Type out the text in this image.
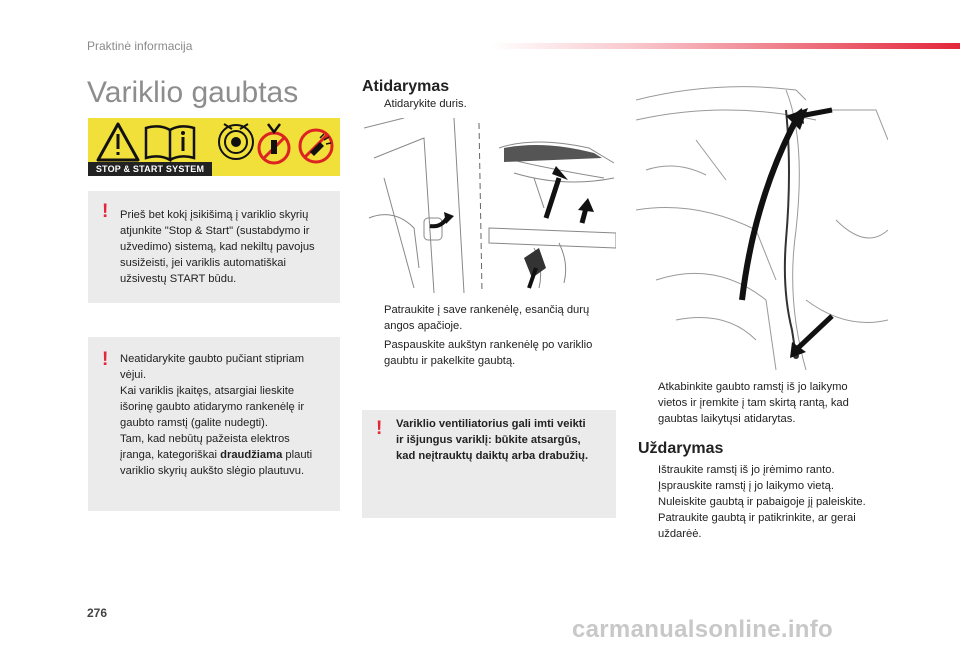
Praktinė informacija
Variklio gaubtas
STOP & START SYSTEM
! Prieš bet kokį įsikišimą į variklio skyrių
atjunkite "Stop & Start" (sustabdymo ir
užvedimo) sistemą, kad nekiltų pavojus
susižeisti, jei variklis automatiškai
užsivestų START būdu.
! Neatidarykite gaubto pučiant stipriam
vėjui.
Kai variklis įkaitęs, atsargiai lieskite
išorinę gaubto atidarymo rankenėlę ir
gaubto ramstį (galite nudegti).
Tam, kad nebūtų pažeista elektros
įranga, kategoriškai draudžiama plauti
variklio skyrių aukšto slėgio plautuvu.
Atidarymas
Atidarykite duris.
Patraukite į save rankenėlę, esančią durų
angos apačioje.
Paspauskite aukštyn rankenėlę po variklio
gaubtu ir pakelkite gaubtą.
! Variklio ventiliatorius gali imti veikti
ir išjungus variklį: būkite atsargūs,
kad neįtrauktų daiktų arba drabužių.
Atkabinkite gaubto ramstį iš jo laikymo
vietos ir įremkite į tam skirtą rantą, kad
gaubtas laikytųsi atidarytas.
Uždarymas
Ištraukite ramstį iš jo įrėmimo ranto.
Įsprauskite ramstį į jo laikymo vietą.
Nuleiskite gaubtą ir pabaigoje jį paleiskite.
Patraukite gaubtą ir patikrinkite, ar gerai
uždarėė.
276
carmanualsonline.info
